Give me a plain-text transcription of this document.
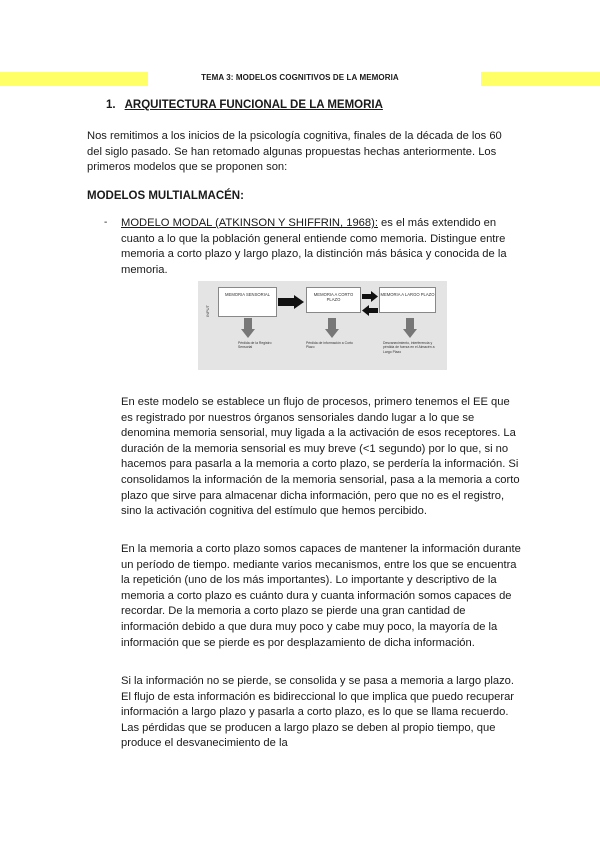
TEMA 3: MODELOS COGNITIVOS DE LA MEMORIA
1. ARQUITECTURA FUNCIONAL DE LA MEMORIA

Nos remitimos a los inicios de la psicología cognitiva, finales de la década de los 60 del siglo pasado. Se han retomado algunas propuestas hechas anteriormente. Los primeros modelos que se proponen son:

MODELOS MULTIALMACÉN:
- MODELO MODAL (ATKINSON Y SHIFFRIN, 1968): es el más extendido en cuanto a lo que la población general entiende como memoria. Distingue entre memoria a corto plazo y largo plazo, la distinción más básica y conocida de la memoria.

INPUT
MEMORIA SENSORIAL	MEMORIA A CORTO PLAZO
MEMORIA A LARGO PLAZO
Pérdida de la Registro Sensorial
Pérdida de información a Corto Plazo
Desvanecimiento, interferencia y pérdida de fuerza en el Almacén a Largo Plazo

En este modelo se establece un flujo de procesos, primero tenemos el EE que es registrado por nuestros órganos sensoriales dando lugar a lo que se denomina memoria sensorial, muy ligada a la activación de esos receptores. La duración de la memoria sensorial es muy breve (<1 segundo) por lo que, si no hacemos para pasarla a la memoria a corto plazo, se perdería la información. Si consolidamos la información de la memoria sensorial, pasa a la memoria a corto plazo que sirve para almacenar dicha información, pero que no es el registro, sino la activación cognitiva del estímulo que hemos percibido.

En la memoria a corto plazo somos capaces de mantener la información durante un período de tiempo. mediante varios mecanismos, entre los que se encuentra la repetición (uno de los más importantes). Lo importante y descriptivo de la memoria a corto plazo es cuánto dura y cuanta información somos capaces de recordar. De la memoria a corto plazo se pierde una gran cantidad de información debido a que dura muy poco y cabe muy poco, la mayoría de la información que se pierde es por desplazamiento de dicha información.

Si la información no se pierde, se consolida y se pasa a memoria a largo plazo. El flujo de esta información es bidireccional lo que implica que puedo recuperar información a largo plazo y pasarla a corto plazo, es lo que se llama recuerdo. Las pérdidas que se producen a largo plazo se deben al propio tiempo, que produce el desvanecimiento de la
